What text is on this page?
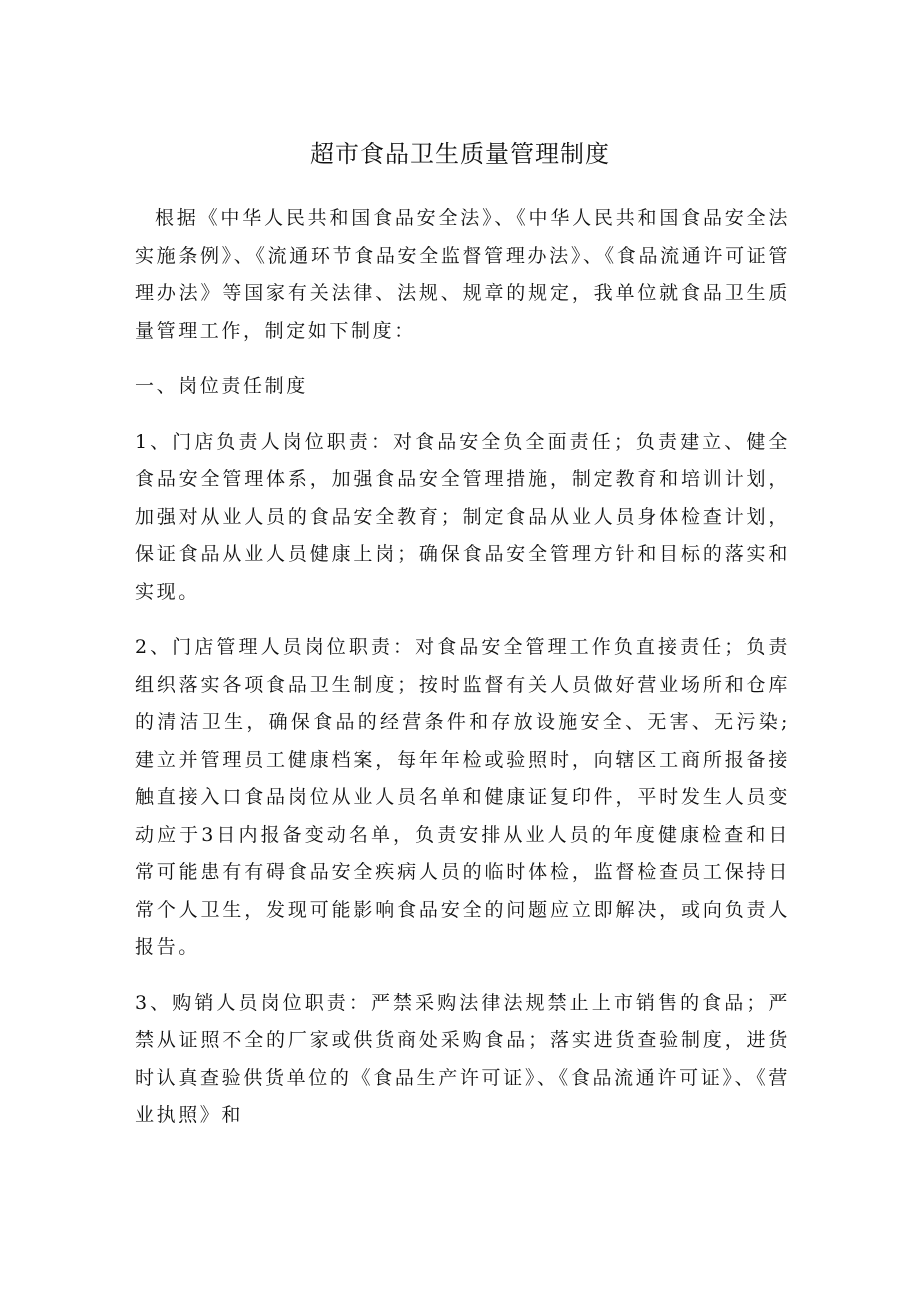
超市食品卫生质量管理制度

根据《中华人民共和国食品安全法》、《中华人民共和国食品安全法实施条例》、《流通环节食品安全监督管理办法》、《食品流通许可证管理办法》等国家有关法律、法规、规章的规定，我单位就食品卫生质量管理工作，制定如下制度：

一、岗位责任制度

1、门店负责人岗位职责：对食品安全负全面责任；负责建立、健全食品安全管理体系，加强食品安全管理措施，制定教育和培训计划，加强对从业人员的食品安全教育；制定食品从业人员身体检查计划，保证食品从业人员健康上岗；确保食品安全管理方针和目标的落实和实现。

2、门店管理人员岗位职责：对食品安全管理工作负直接责任；负责组织落实各项食品卫生制度；按时监督有关人员做好营业场所和仓库的清洁卫生，确保食品的经营条件和存放设施安全、无害、无污染;建立并管理员工健康档案，每年年检或验照时，向辖区工商所报备接触直接入口食品岗位从业人员名单和健康证复印件，平时发生人员变动应于3日内报备变动名单，负责安排从业人员的年度健康检查和日常可能患有有碍食品安全疾病人员的临时体检，监督检查员工保持日常个人卫生，发现可能影响食品安全的问题应立即解决，或向负责人报告。

3、购销人员岗位职责：严禁采购法律法规禁止上市销售的食品；严禁从证照不全的厂家或供货商处采购食品；落实进货查验制度，进货时认真查验供货单位的《食品生产许可证》、《食品流通许可证》、《营业执照》和
